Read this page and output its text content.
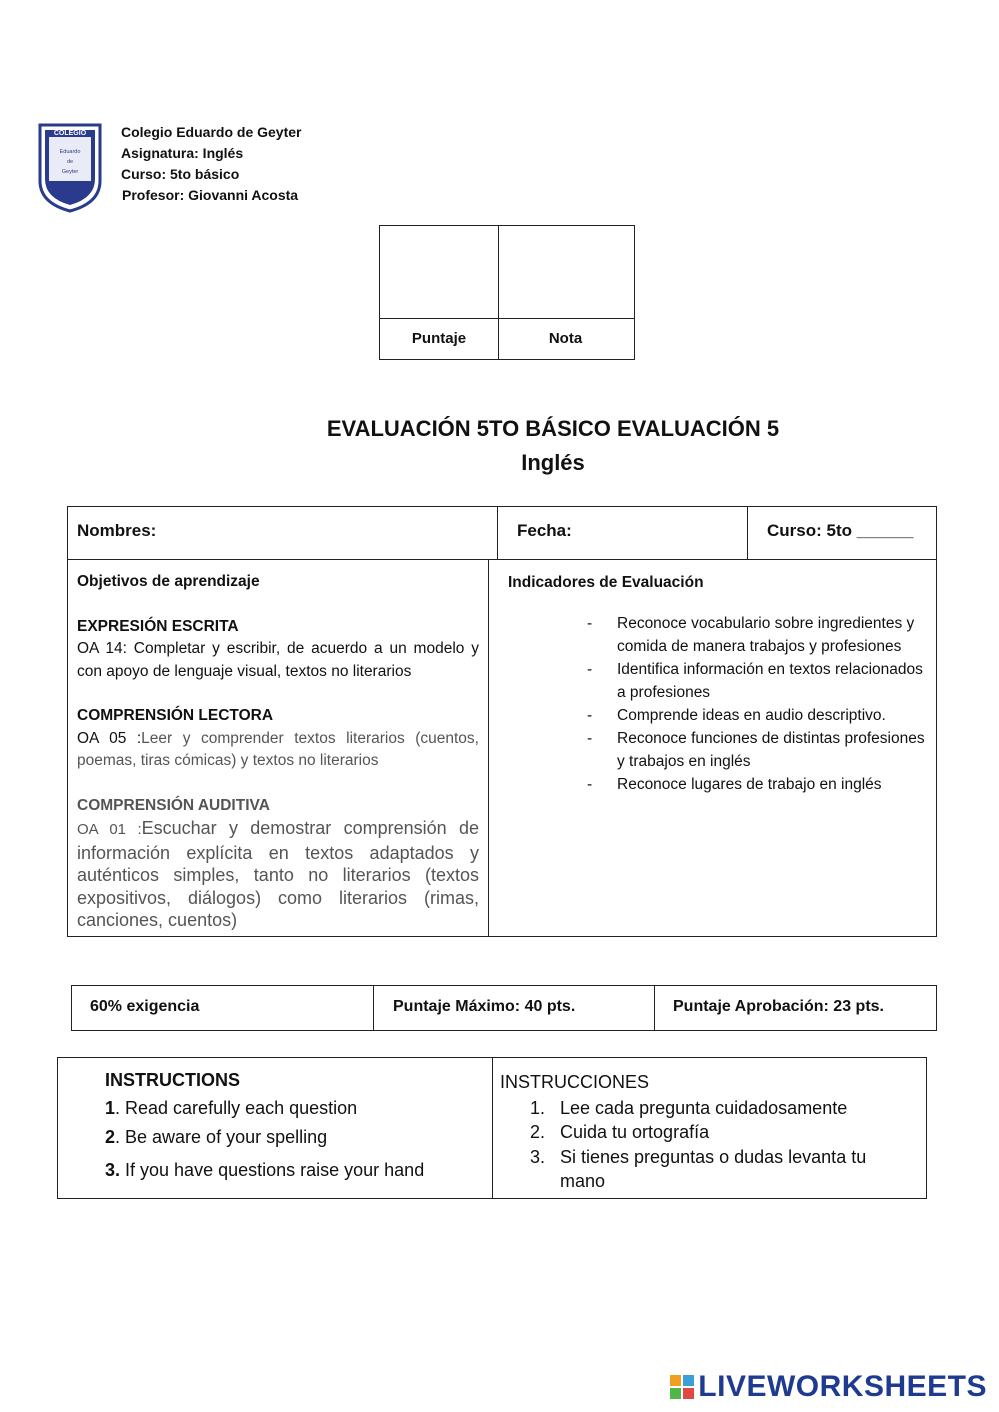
COLEGIO
Eduardo
de
Geyter
Colegio Eduardo de Geyter
Asignatura: Inglés
Curso: 5to básico
Profesor: Giovanni Acosta
Puntaje	Nota
EVALUACIÓN 5TO BÁSICO EVALUACIÓN 5
Inglés
Nombres:	Fecha:	Curso: 5to ______
Objetivos de aprendizaje
EXPRESIÓN ESCRITA
OA 14: Completar y escribir, de acuerdo a un modelo y con apoyo de lenguaje visual, textos no literarios
COMPRENSIÓN LECTORA
OA 05 :Leer y comprender textos literarios (cuentos, poemas, tiras cómicas) y textos no literarios
COMPRENSIÓN AUDITIVA
OA 01 :Escuchar y demostrar comprensión de información explícita en textos adaptados y auténticos simples, tanto no literarios (textos expositivos, diálogos) como literarios (rimas, canciones, cuentos)
Indicadores de Evaluación
- Reconoce vocabulario sobre ingredientes y comida de manera trabajos y profesiones
- Identifica información en textos relacionados a profesiones
- Comprende ideas en audio descriptivo.
- Reconoce funciones de distintas profesiones y trabajos en inglés
- Reconoce lugares de trabajo en inglés
60% exigencia	Puntaje Máximo: 40 pts.	Puntaje Aprobación: 23 pts.
INSTRUCTIONS
1. Read carefully each question
2. Be aware of your spelling
3. If you have questions raise your hand
INSTRUCCIONES
1. Lee cada pregunta cuidadosamente
2. Cuida tu ortografía
3. Si tienes preguntas o dudas levanta tu mano
LIVEWORKSHEETS
